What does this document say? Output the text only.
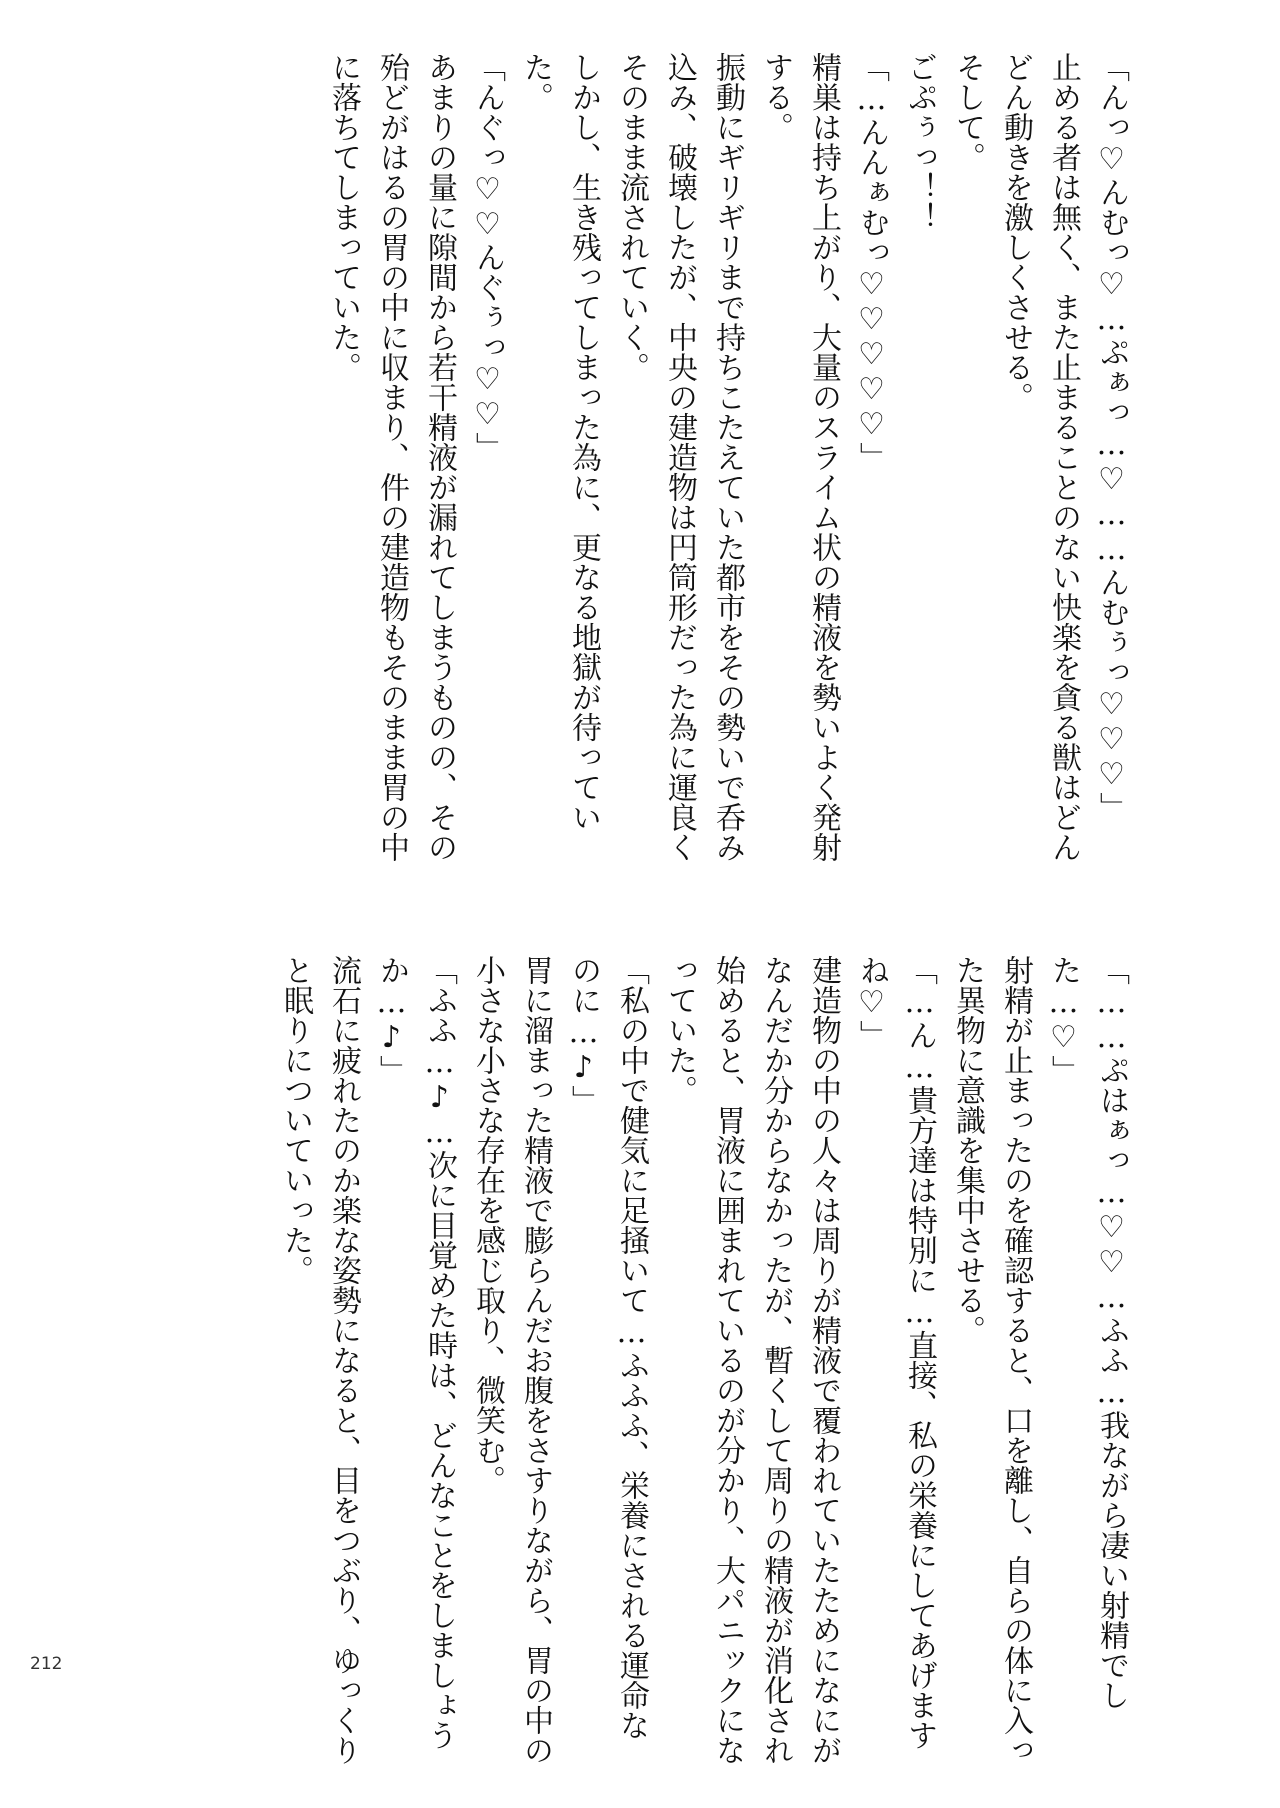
「んっ♡んむっ♡…ぷぁっ…♡……んむぅっ♡♡♡」
止める者は無く、また止まることのない快楽を貪る獣はどんどん動きを激しくさせる。
そして。
ごぷぅっ！！
「…んんぁむっ♡♡♡♡♡」
精巣は持ち上がり、大量のスライム状の精液を勢いよく発射する。
振動にギリギリまで持ちこたえていた都市をその勢いで呑み込み、破壊したが、中央の建造物は円筒形だった為に運良くそのまま流されていく。
しかし、生き残ってしまった為に、更なる地獄が待っていた。
「んぐっ♡♡んぐぅっ♡♡」
あまりの量に隙間から若干精液が漏れてしまうものの、その殆どがはるの胃の中に収まり、件の建造物もそのまま胃の中に落ちてしまっていた。

「……ぷはぁっ…♡♡…ふふ…我ながら凄い射精でした…♡」
射精が止まったのを確認すると、口を離し、自らの体に入った異物に意識を集中させる。
「…ん…貴方達は特別に…直接、私の栄養にしてあげますね♡」
建造物の中の人々は周りが精液で覆われていたためになにがなんだか分からなかったが、暫くして周りの精液が消化され始めると、胃液に囲まれているのが分かり、大パニックになっていた。
「私の中で健気に足掻いて…ふふふ、栄養にされる運命なのに…♪」
胃に溜まった精液で膨らんだお腹をさすりながら、胃の中の小さな小さな存在を感じ取り、微笑む。
「ふふ…♪…次に目覚めた時は、どんなことをしましょうか…♪」
流石に疲れたのか楽な姿勢になると、目をつぶり、ゆっくりと眠りについていった。

212
